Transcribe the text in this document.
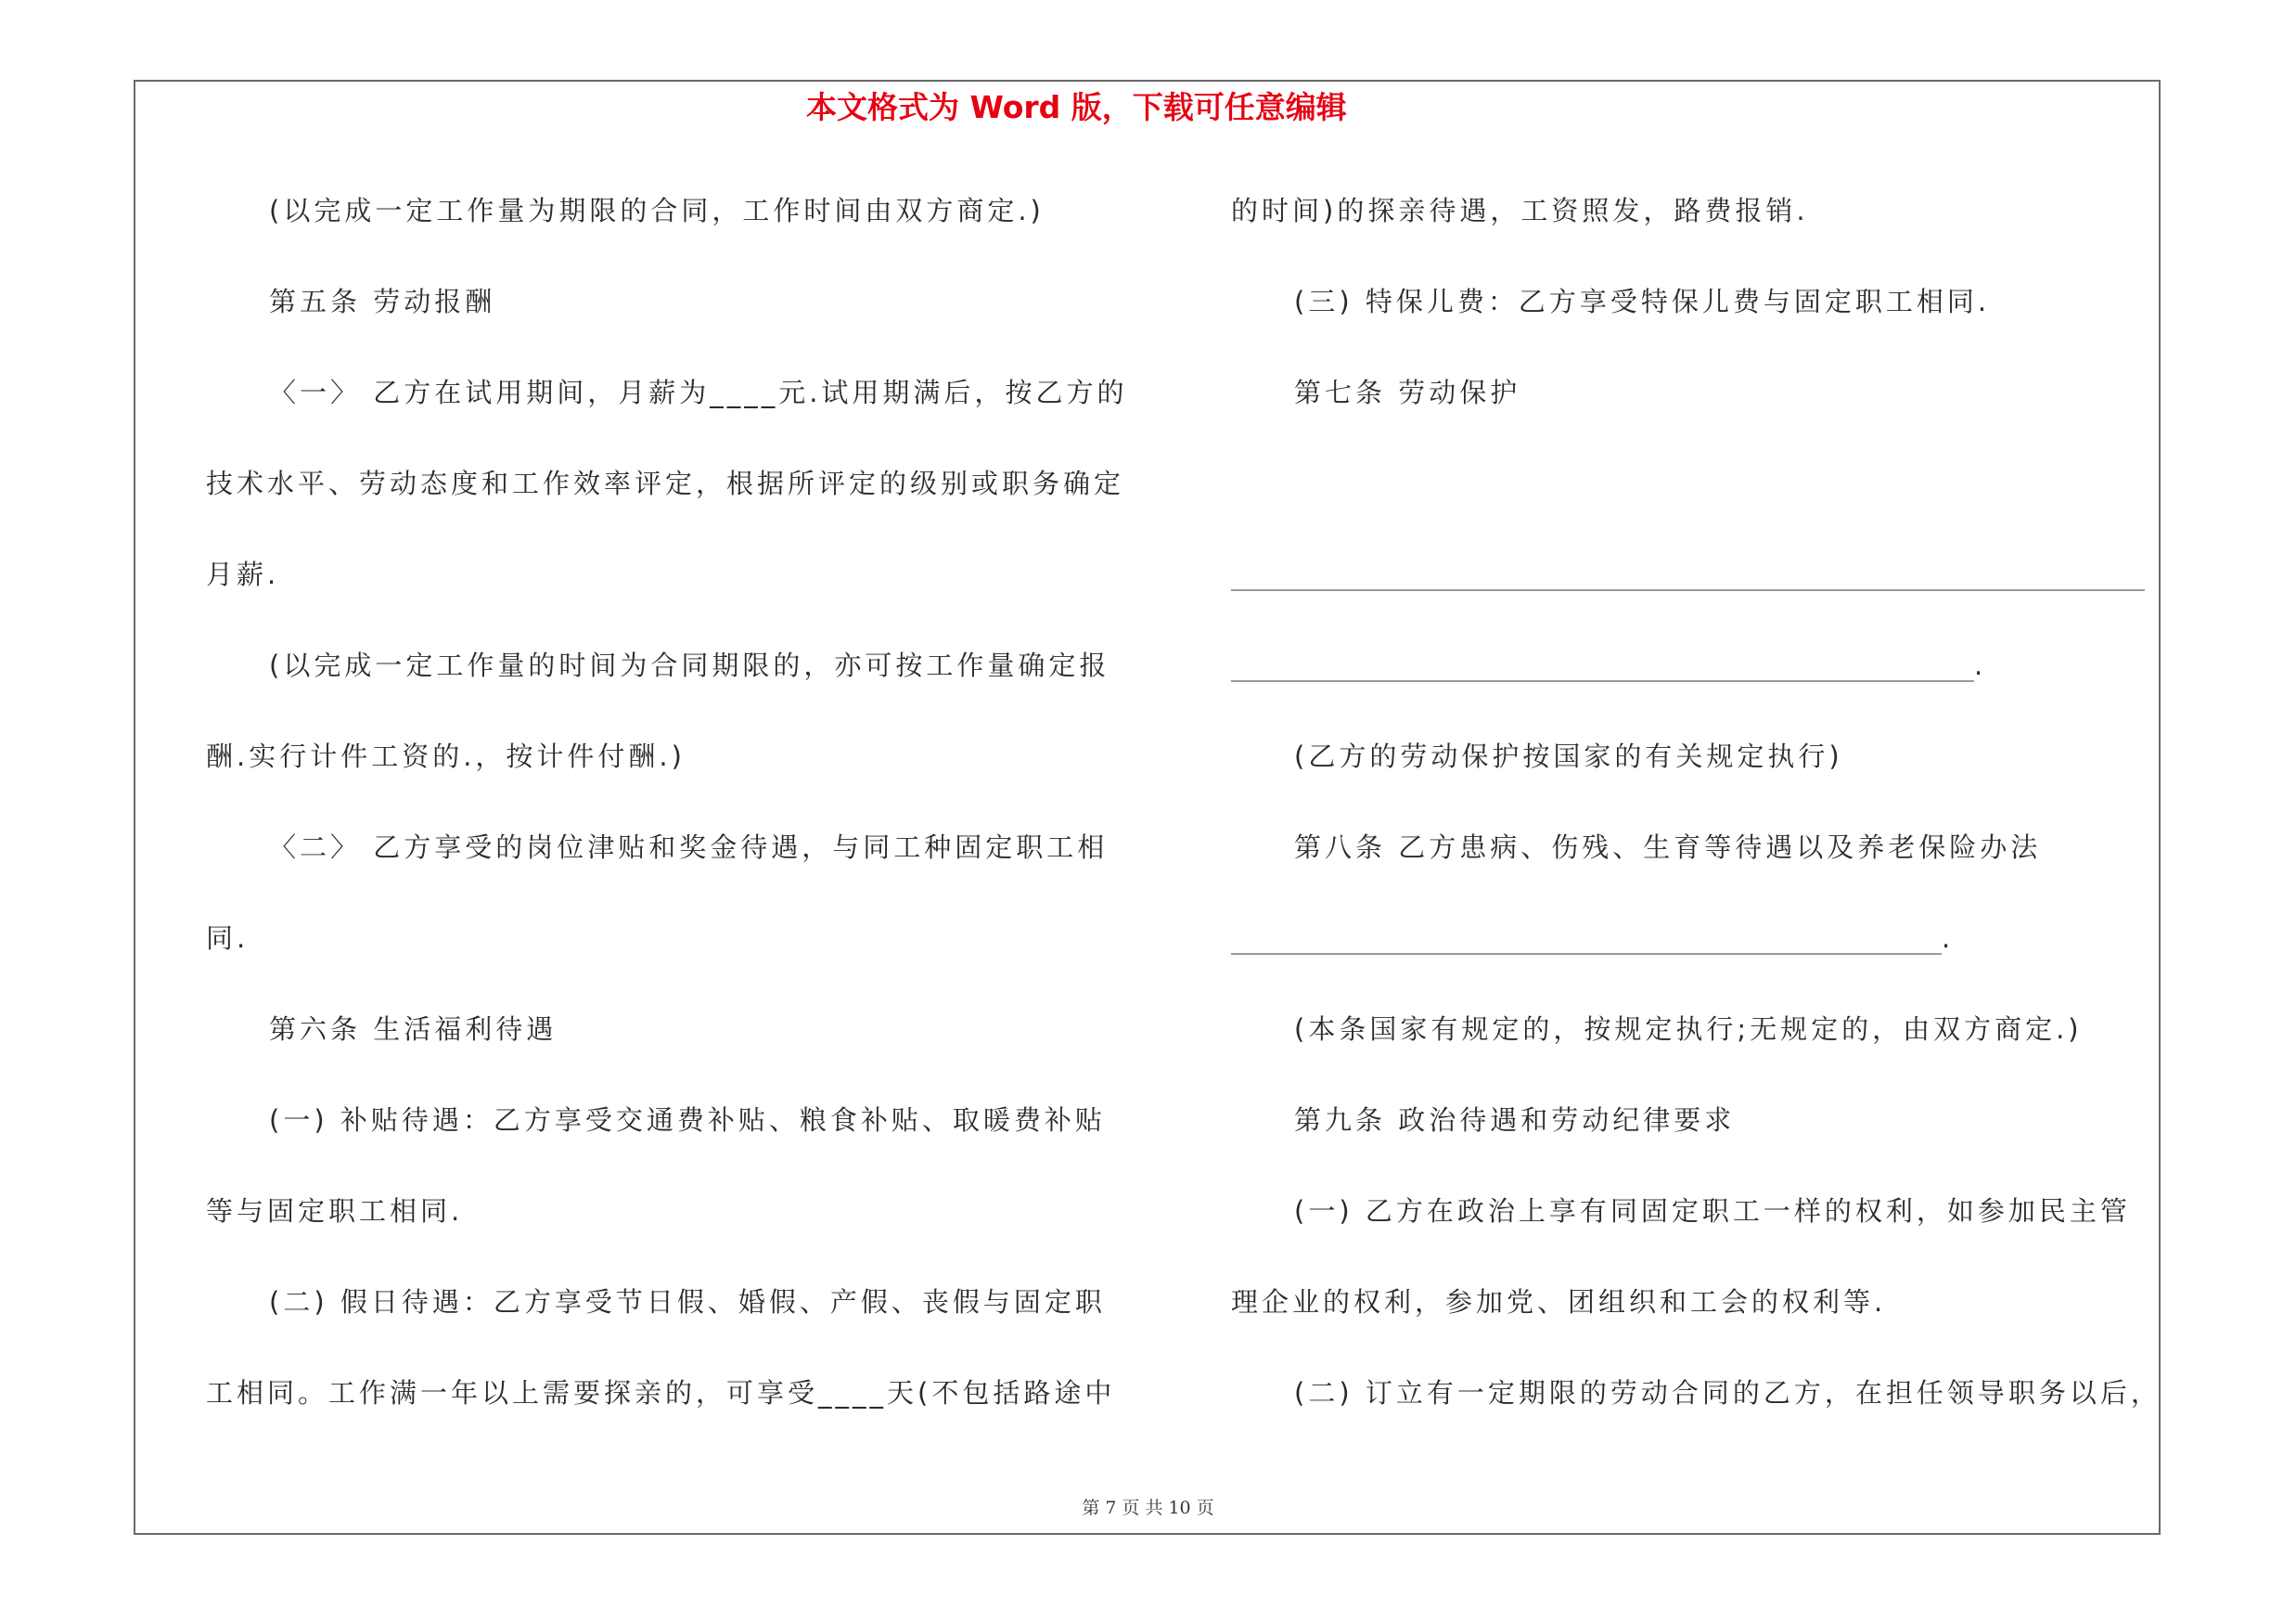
本文格式为 Word 版，下载可任意编辑
(以完成一定工作量为期限的合同，工作时间由双方商定.)
第五条 劳动报酬
〈一〉 乙方在试用期间，月薪为____元.试用期满后，按乙方的
技术水平、劳动态度和工作效率评定，根据所评定的级别或职务确定
月薪.
(以完成一定工作量的时间为合同期限的，亦可按工作量确定报
酬.实行计件工资的.，按计件付酬.)
〈二〉 乙方享受的岗位津贴和奖金待遇，与同工种固定职工相
同.
第六条 生活福利待遇
(一) 补贴待遇：乙方享受交通费补贴、粮食补贴、取暖费补贴
等与固定职工相同.
(二) 假日待遇：乙方享受节日假、婚假、产假、丧假与固定职
工相同。工作满一年以上需要探亲的，可享受____天(不包括路途中
的时间)的探亲待遇，工资照发，路费报销.
(三) 特保儿费：乙方享受特保儿费与固定职工相同.
第七条 劳动保护
.
(乙方的劳动保护按国家的有关规定执行)
第八条 乙方患病、伤残、生育等待遇以及养老保险办法
.
(本条国家有规定的，按规定执行;无规定的，由双方商定.)
第九条 政治待遇和劳动纪律要求
(一) 乙方在政治上享有同固定职工一样的权利，如参加民主管
理企业的权利，参加党、团组织和工会的权利等.
(二) 订立有一定期限的劳动合同的乙方，在担任领导职务以后，
第 7 页 共 10 页
